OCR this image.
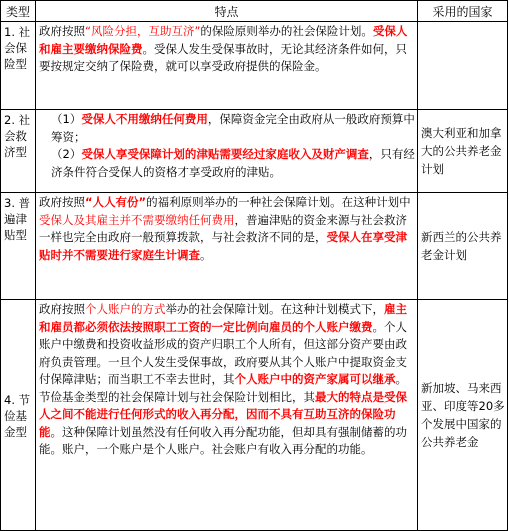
类型	特点	采用的国家
1. 社会保险型	政府按照“风险分担，互助互济”的保险原则举办的社会保险计划。受保人和雇主要缴纳保险费。受保人发生受保事故时，无论其经济条件如何，只要按规定交纳了保险费，就可以享受政府提供的保险金。	
2. 社会救济型	（1）受保人不用缴纳任何费用，保障资金完全由政府从一般政府预算中筹资；
（2）受保人享受保障计划的津贴需要经过家庭收入及财产调查，只有经济条件符合受保人的资格才享受政府的津贴。	澳大利亚和加拿大的公共养老金计划
3. 普遍津贴型	政府按照“人人有份”的福利原则举办的一种社会保障计划。在这种计划中受保人及其雇主并不需要缴纳任何费用，普遍津贴的资金来源与社会救济一样也完全由政府一般预算拨款，与社会救济不同的是，受保人在享受津贴时并不需要进行家庭生计调查。	新西兰的公共养老金计划
4. 节俭基金型	政府按照个人账户的方式举办的社会保障计划。在这种计划模式下，雇主和雇员都必须依法按照职工工资的一定比例向雇员的个人账户缴费。个人账户中缴费和投资收益形成的资产归职工个人所有，但这部分资产要由政府负责管理。一旦个人发生受保事故，政府要从其个人账户中提取资金支付保障津贴；而当职工不幸去世时，其个人账户中的资产家属可以继承。节俭基金类型的社会保障计划与社会保险计划相比，其最大的特点是受保人之间不能进行任何形式的收入再分配，因而不具有互助互济的保险功能。这种保障计划虽然没有任何收入再分配功能，但却具有强制储蓄的功能。账户，一个账户是个人账户。社会账户有收入再分配的功能。	新加坡、马来西亚、印度等20多个发展中国家的公共养老金
